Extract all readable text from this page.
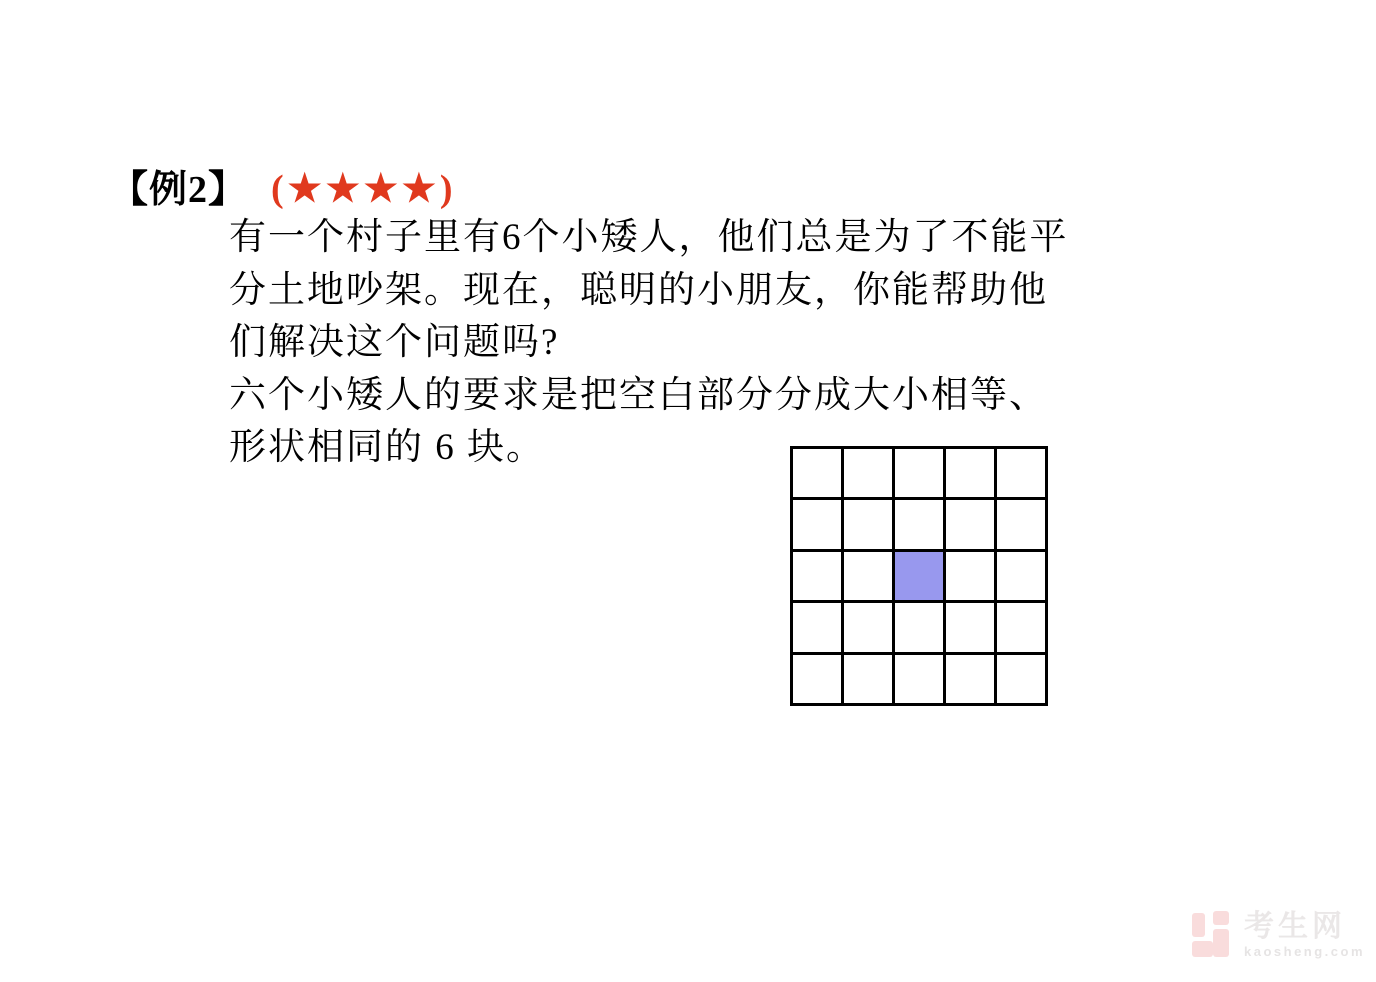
【例2】 (★★★★)
有一个村子里有6个小矮人，他们总是为了不能平
分土地吵架。现在，聪明的小朋友，你能帮助他
们解决这个问题吗?
六个小矮人的要求是把空白部分分成大小相等、
形状相同的 6 块。
考生网
kaosheng.com
